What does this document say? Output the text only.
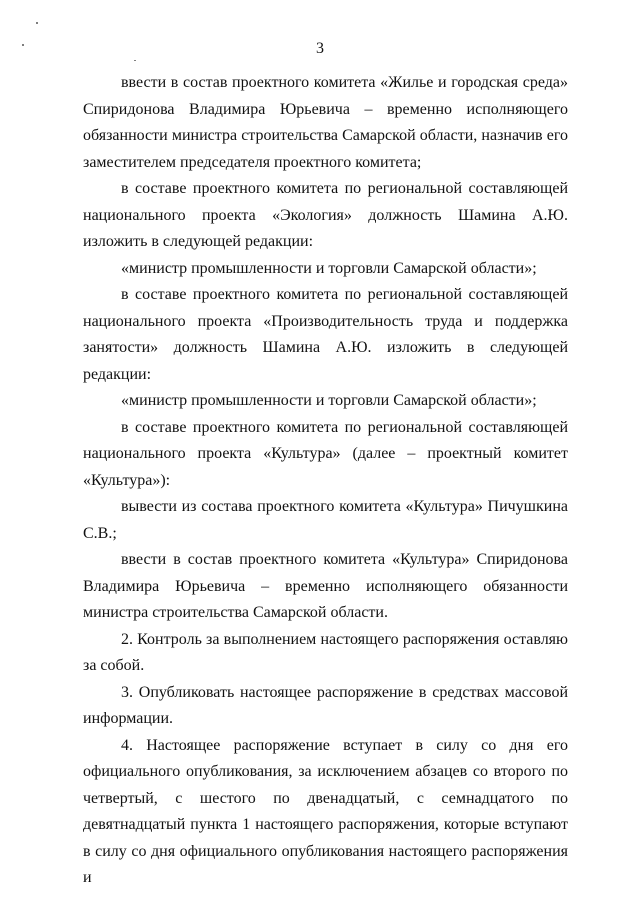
3

ввести в состав проектного комитета «Жилье и городская среда» Спиридонова Владимира Юрьевича – временно исполняющего обязанности министра строительства Самарской области, назначив его заместителем председателя проектного комитета;

в составе проектного комитета по региональной составляющей национального проекта «Экология» должность Шамина А.Ю. изложить в следующей редакции:

«министр промышленности и торговли Самарской области»;

в составе проектного комитета по региональной составляющей национального проекта «Производительность труда и поддержка занятости» должность Шамина А.Ю. изложить в следующей редакции:

«министр промышленности и торговли Самарской области»;

в составе проектного комитета по региональной составляющей национального проекта «Культура» (далее – проектный комитет «Культура»):

вывести из состава проектного комитета «Культура» Пичушкина С.В.;

ввести в состав проектного комитета «Культура» Спиридонова Владимира Юрьевича – временно исполняющего обязанности министра строительства Самарской области.

2. Контроль за выполнением настоящего распоряжения оставляю за собой.

3. Опубликовать настоящее распоряжение в средствах массовой информации.

4. Настоящее распоряжение вступает в силу со дня его официального опубликования, за исключением абзацев со второго по четвертый, с шестого по двенадцатый, с семнадцатого по девятнадцатый пункта 1 настоящего распоряжения, которые вступают в силу со дня официального опубликования настоящего распоряжения и
